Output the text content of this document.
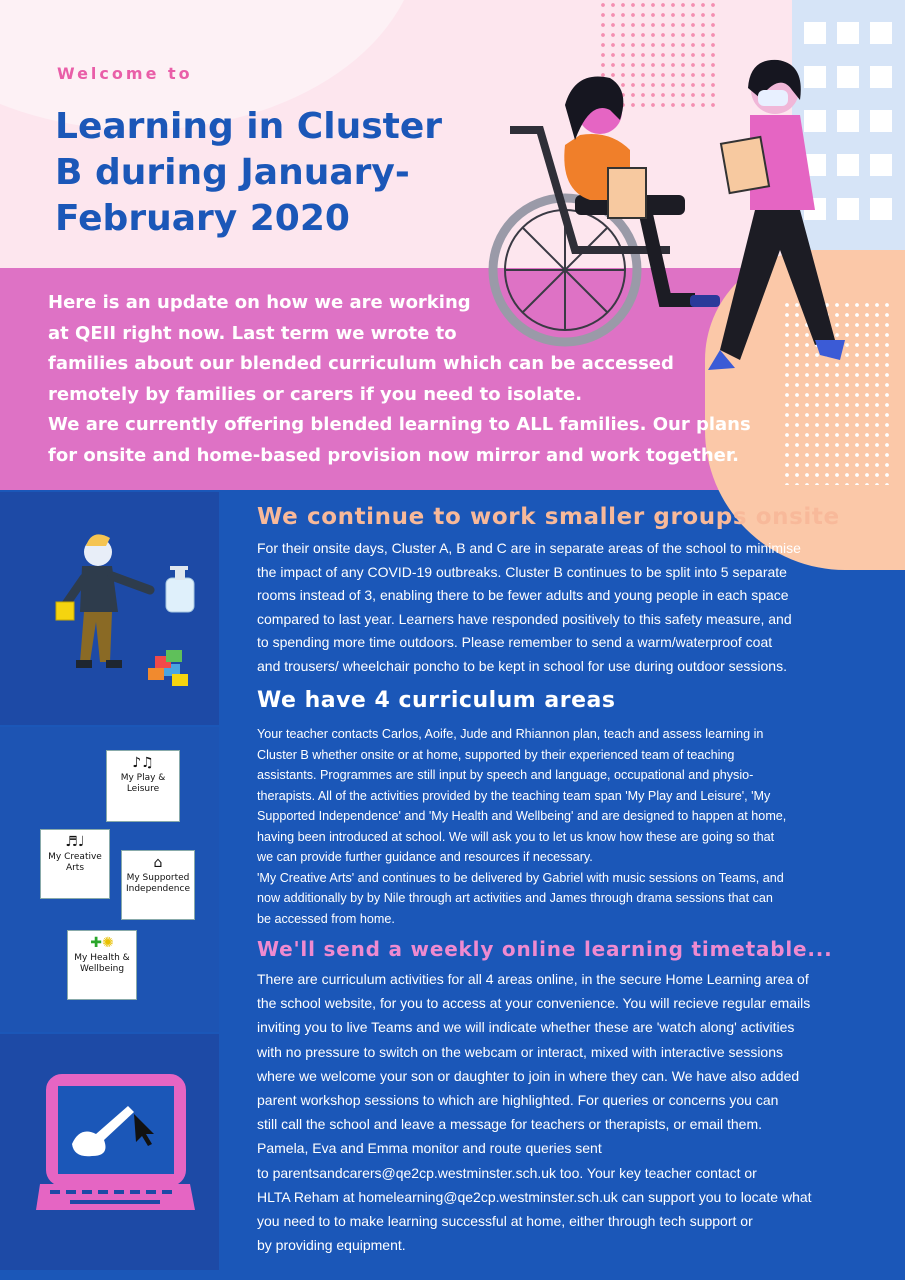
Welcome to
Learning in Cluster
B during January-
February 2020
Here is an update on how we are working
at QEII right now. Last term we wrote to
families about our blended curriculum which can be accessed
remotely by families or carers if you need to isolate.
We are currently offering blended learning to ALL families. Our plans
for onsite and home-based provision now mirror and work together.
♪♫
My Play & Leisure
♬♩
My Creative Arts	⌂
My Supported Independence
✚✺
My Health & Wellbeing
We continue to work smaller groups onsite
For their onsite days, Cluster A, B and C are in separate areas of the school to minimise
the impact of any COVID-19 outbreaks. Cluster B continues to be split into 5 separate
rooms instead of 3, enabling there to be fewer adults and young people in each space
compared to last year. Learners have responded positively to this safety measure, and
to spending more time outdoors. Please remember to send a warm/waterproof coat
and trousers/ wheelchair poncho to be kept in school for use during outdoor sessions.
We have 4 curriculum areas
Your teacher contacts Carlos, Aoife, Jude and Rhiannon plan, teach and assess learning in
Cluster B whether onsite or at home, supported by their experienced team of teaching
assistants. Programmes are still input by speech and language, occupational and physio-
therapists. All of the activities provided by the teaching team span 'My Play and Leisure', 'My
Supported Independence' and 'My Health and Wellbeing' and are designed to happen at home,
having been introduced at school. We will ask you to let us know how these are going so that
we can provide further guidance and resources if necessary.
'My Creative Arts' and continues to be delivered by Gabriel with music sessions on Teams, and
now additionally by by Nile through art activities and James through drama sessions that can
be accessed from home.
We'll send a weekly online learning timetable...
There are curriculum activities for all 4 areas online, in the secure Home Learning area of
the school website, for you to access at your convenience. You will recieve regular emails
inviting you to live Teams and we will indicate whether these are 'watch along' activities
with no pressure to switch on the webcam or interact, mixed with interactive sessions
where we welcome your son or daughter to join in where they can. We have also added
parent workshop sessions to which are highlighted. For queries or concerns you can
still call the school and leave a message for teachers or therapists, or email them.
Pamela, Eva and Emma monitor and route queries sent
to parentsandcarers@qe2cp.westminster.sch.uk too. Your key teacher contact or
HLTA Reham at homelearning@qe2cp.westminster.sch.uk can support you to locate what
you need to to make learning successful at home, either through tech support or
by providing equipment.
